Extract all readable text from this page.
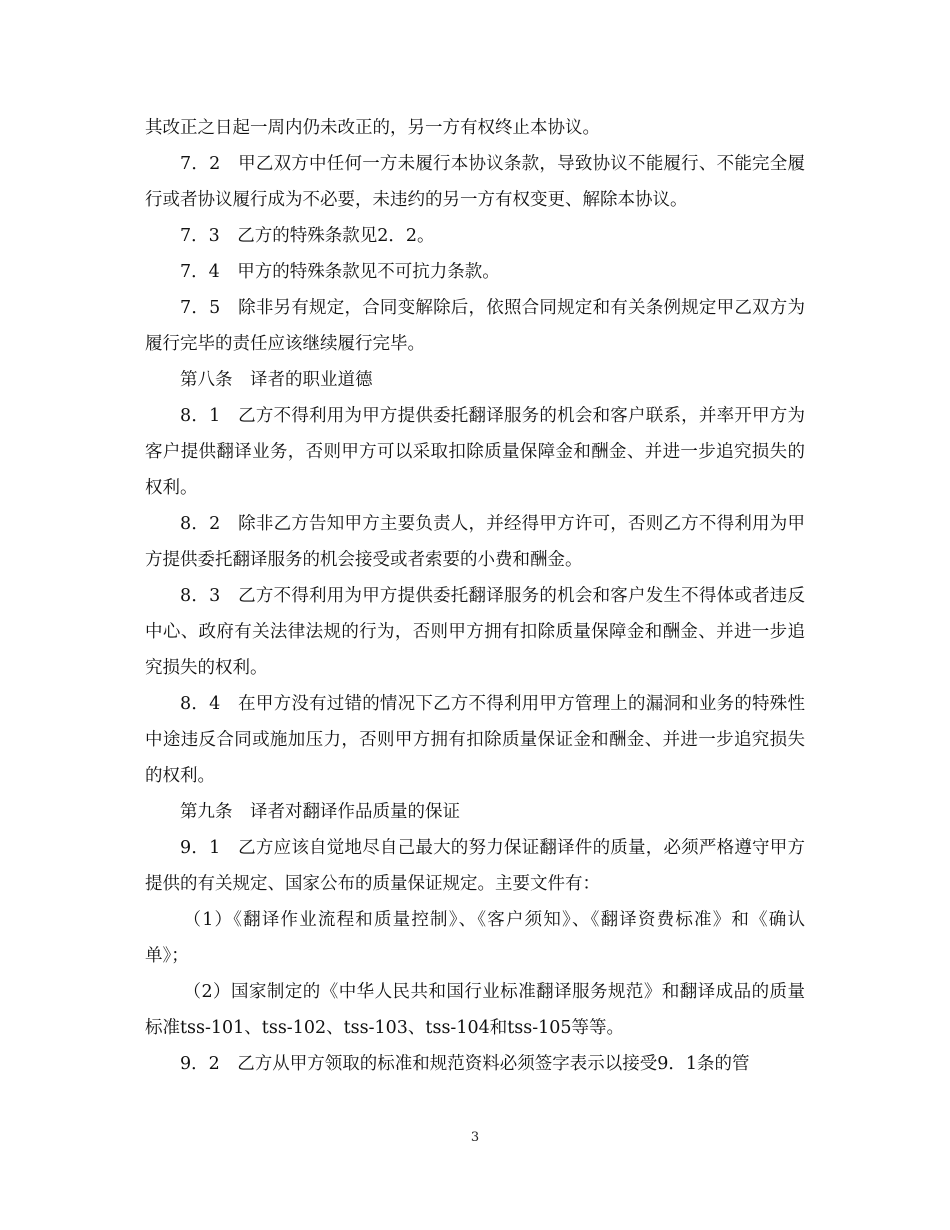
其改正之日起一周内仍未改正的，另一方有权终止本协议。

7．2　甲乙双方中任何一方未履行本协议条款，导致协议不能履行、不能完全履行或者协议履行成为不必要，未违约的另一方有权变更、解除本协议。

7．3　乙方的特殊条款见2．2。

7．4　甲方的特殊条款见不可抗力条款。

7．5　除非另有规定，合同变解除后，依照合同规定和有关条例规定甲乙双方为履行完毕的责任应该继续履行完毕。

第八条　译者的职业道德

8．1　乙方不得利用为甲方提供委托翻译服务的机会和客户联系，并率开甲方为客户提供翻译业务，否则甲方可以采取扣除质量保障金和酬金、并进一步追究损失的权利。

8．2　除非乙方告知甲方主要负责人，并经得甲方许可，否则乙方不得利用为甲方提供委托翻译服务的机会接受或者索要的小费和酬金。

8．3　乙方不得利用为甲方提供委托翻译服务的机会和客户发生不得体或者违反中心、政府有关法律法规的行为，否则甲方拥有扣除质量保障金和酬金、并进一步追究损失的权利。

8．4　在甲方没有过错的情况下乙方不得利用甲方管理上的漏洞和业务的特殊性中途违反合同或施加压力，否则甲方拥有扣除质量保证金和酬金、并进一步追究损失的权利。

第九条　译者对翻译作品质量的保证

9．1　乙方应该自觉地尽自己最大的努力保证翻译件的质量，必须严格遵守甲方提供的有关规定、国家公布的质量保证规定。主要文件有：

（1）《翻译作业流程和质量控制》、《客户须知》、《翻译资费标准》和《确认单》；

（2）国家制定的《中华人民共和国行业标准翻译服务规范》和翻译成品的质量标准tss-101、tss-102、tss-103、tss-104和tss-105等等。

9．2　乙方从甲方领取的标准和规范资料必须签字表示以接受9．1条的管

3
